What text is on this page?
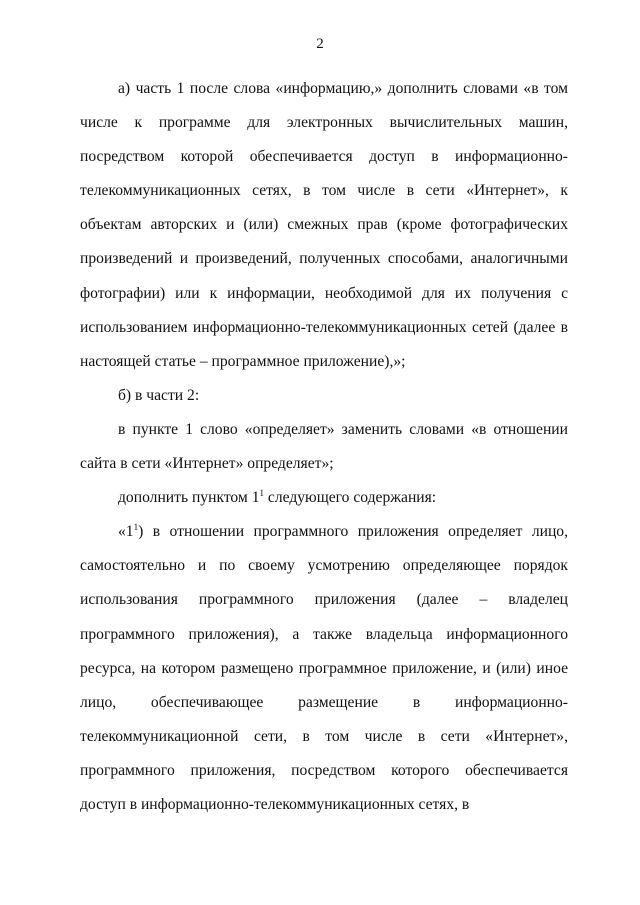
2

а) часть 1 после слова «информацию,» дополнить словами «в том числе к программе для электронных вычислительных машин, посредством которой обеспечивается доступ в информационно-телекоммуникационных сетях, в том числе в сети «Интернет», к объектам авторских и (или) смежных прав (кроме фотографических произведений и произведений, полученных способами, аналогичными фотографии) или к информации, необходимой для их получения с использованием информационно-телекоммуникационных сетей (далее в настоящей статье – программное приложение),»;

б) в части 2:

в пункте 1 слово «определяет» заменить словами «в отношении сайта в сети «Интернет» определяет»;

дополнить пунктом $1^1$ следующего содержания:

«$1^1$) в отношении программного приложения определяет лицо, самостоятельно и по своему усмотрению определяющее порядок использования программного приложения (далее – владелец программного приложения), а также владельца информационного ресурса, на котором размещено программное приложение, и (или) иное лицо, обеспечивающее размещение в информационно-телекоммуникационной сети, в том числе в сети «Интернет», программного приложения, посредством которого обеспечивается доступ в информационно-телекоммуникационных сетях, в
